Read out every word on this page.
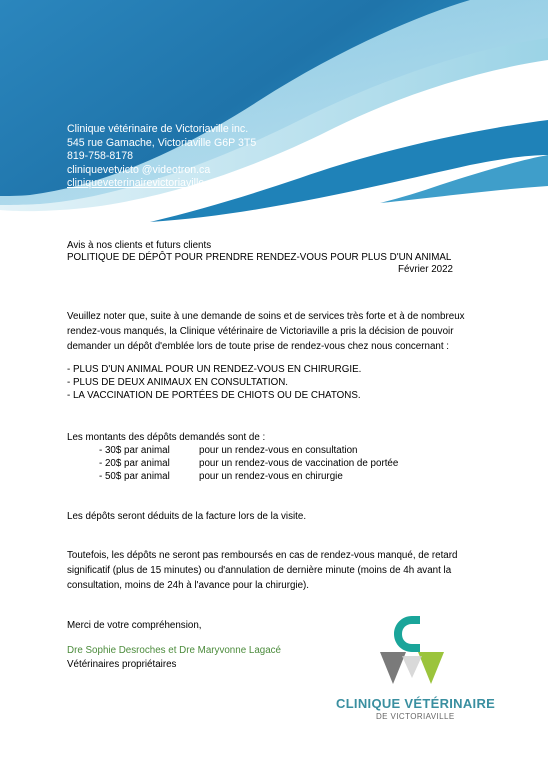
Clinique vétérinaire de Victoriaville inc.
545 rue Gamache, Victoriaville G6P 3T5
819-758-8178
cliniquevetvicto @videotron.ca
cliniqueveterinairevictoriaville.com
Avis à nos clients et futurs clients
POLITIQUE DE DÉPÔT POUR PRENDRE RENDEZ-VOUS POUR PLUS D'UN ANIMAL
Février 2022
Veuillez noter que, suite à une demande de soins et de services très forte et à de nombreux
rendez-vous manqués, la Clinique vétérinaire de Victoriaville a pris la décision de pouvoir
demander un dépôt d'emblée lors de toute prise de rendez-vous chez nous concernant :
- PLUS D'UN ANIMAL POUR UN RENDEZ-VOUS EN CHIRURGIE.
- PLUS DE DEUX ANIMAUX EN CONSULTATION.
- LA VACCINATION DE PORTÉES DE CHIOTS OU DE CHATONS.
Les montants des dépôts demandés sont de :
- 30$ par animal	pour un rendez-vous en consultation
- 20$ par animal	pour un rendez-vous de vaccination de portée
- 50$ par animal	pour un rendez-vous en chirurgie
Les dépôts seront déduits de la facture lors de la visite.
Toutefois, les dépôts ne seront pas remboursés en cas de rendez-vous manqué, de retard
significatif (plus de 15 minutes) ou d'annulation de dernière minute (moins de 4h avant la
consultation, moins de 24h à l'avance pour la chirurgie).
Merci de votre compréhension,
Dre Sophie Desroches et Dre Maryvonne Lagacé
Vétérinaires propriétaires
CLINIQUE VÉTÉRINAIRE
DE VICTORIAVILLE
